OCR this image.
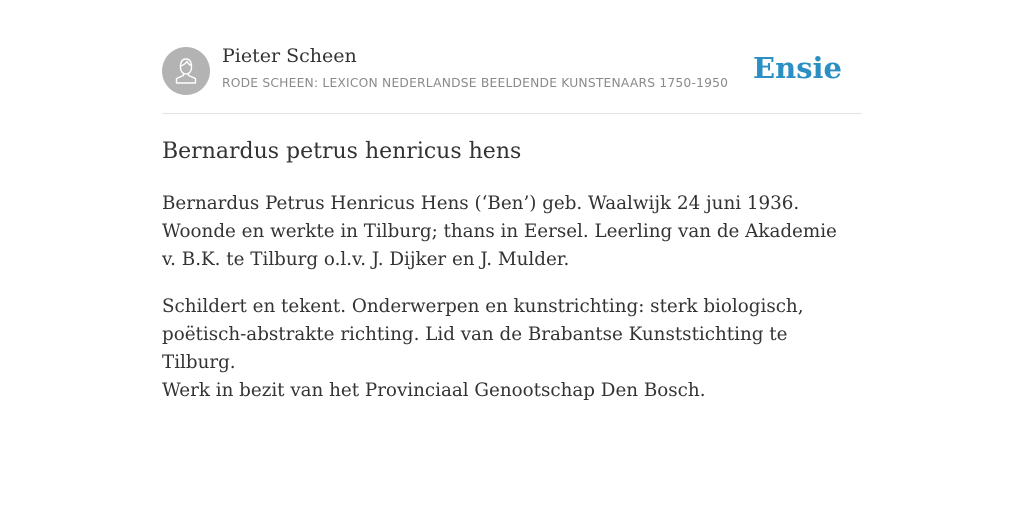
Pieter Scheen
RODE SCHEEN: LEXICON NEDERLANDSE BEELDENDE KUNSTENAARS 1750-1950 Ensie
Bernardus petrus henricus hens

Bernardus Petrus Henricus Hens (‘Ben’) geb. Waalwijk 24 juni 1936. Woonde en werkte in Tilburg; thans in Eersel. Leerling van de Akademie v. B.K. te Tilburg o.l.v. J. Dijker en J. Mulder.

Schildert en tekent. Onderwerpen en kunstrichting: sterk biologisch, poëtisch-abstrakte richting. Lid van de Brabantse Kunststichting te Tilburg.

Werk in bezit van het Provinciaal Genootschap Den Bosch.
